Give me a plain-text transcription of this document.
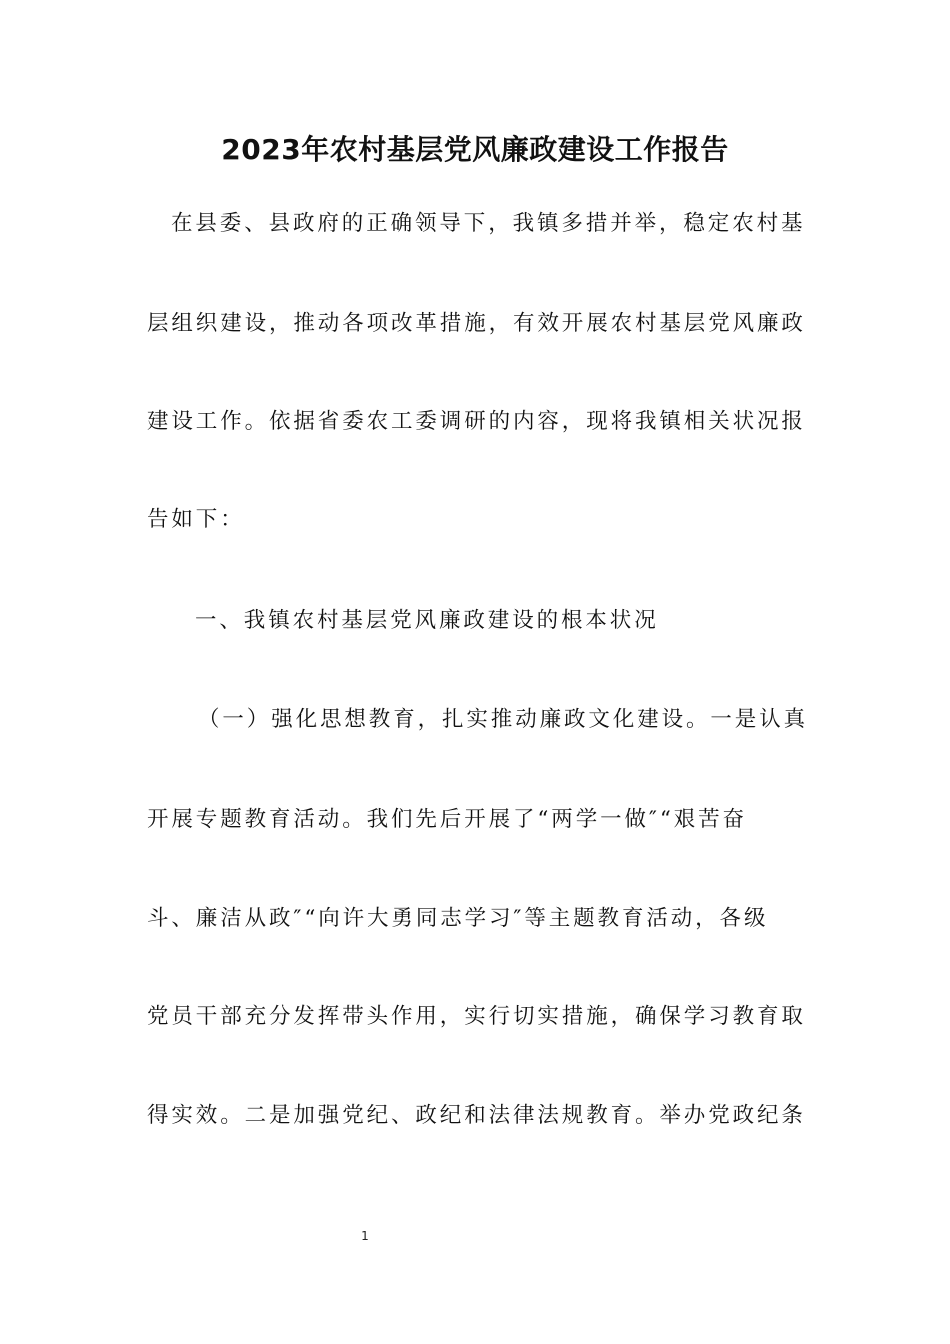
2023年农村基层党风廉政建设工作报告
在县委、县政府的正确领导下，我镇多措并举，稳定农村基
层组织建设，推动各项改革措施，有效开展农村基层党风廉政
建设工作。依据省委农工委调研的内容，现将我镇相关状况报
告如下：
一、我镇农村基层党风廉政建设的根本状况
（一）强化思想教育，扎实推动廉政文化建设。一是认真
开展专题教育活动。我们先后开展了“两学一做″“艰苦奋
斗、廉洁从政″“向许大勇同志学习″等主题教育活动，各级
党员干部充分发挥带头作用，实行切实措施，确保学习教育取
得实效。二是加强党纪、政纪和法律法规教育。举办党政纪条
1
